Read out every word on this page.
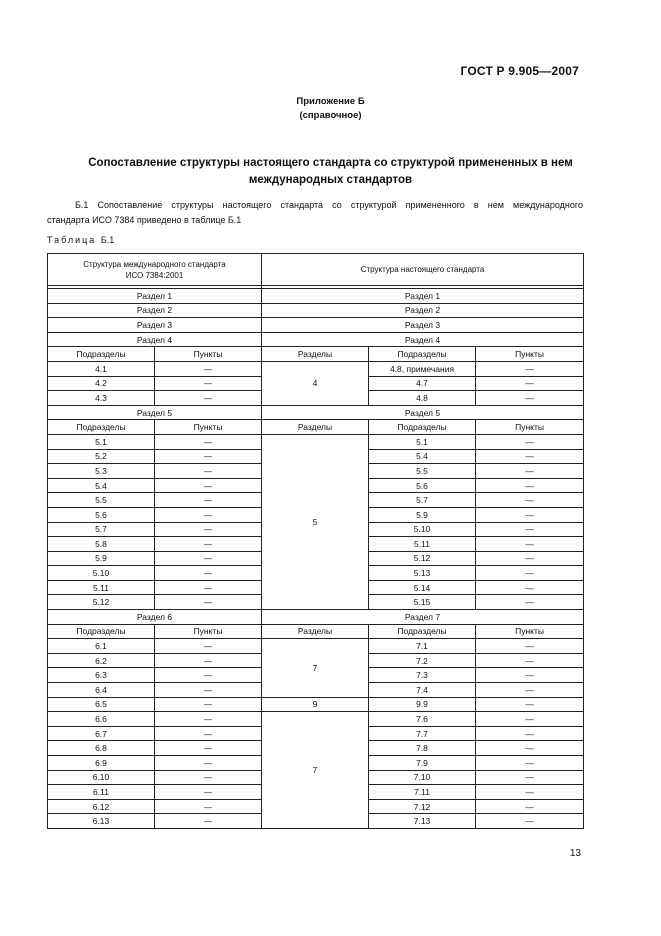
ГОСТ Р 9.905—2007
Приложение Б
(справочное)
Сопоставление структуры настоящего стандарта со структурой примененных в нем
международных стандартов
Б.1 Сопоставление структуры настоящего стандарта со структурой примененного в нем международного
стандарта ИСО 7384 приведено в таблице Б.1
Таблица Б.1
Структура международного стандарта
ИСО 7384:2001		Структура настоящего стандарта		

Раздел 1		Раздел 1		
Раздел 2		Раздел 2		
Раздел 3		Раздел 3		
Раздел 4		Раздел 4		
Подразделы	Пункты	Разделы	Подразделы	Пункты
4.1	—	4	4.8, примечания	—
4.2	—		4.7	—
4.3	—		4.8	—
Раздел 5		Раздел 5		
Подразделы	Пункты	Разделы	Подразделы	Пункты
5.1	—	5	5.1	—
5.2	—		5.4	—
5.3	—		5.5	—
5.4	—		5.6	—
5.5	—		5.7	—
5.6	—		5.9	—
5.7	—		5.10	—
5.8	—		5.11	—
5.9	—		5.12	—
5.10	—		5.13	—
5.11	—		5.14	—
5.12	—		5.15	—
Раздел 6		Раздел 7		
Подразделы	Пункты	Разделы	Подразделы	Пункты
6.1	—	7	7.1	—
6.2	—		7.2	—
6.3	—		7.3	—
6.4	—		7.4	—
6.5	—	9	9.9	—
6.6	—	7	7.6	—
6.7	—		7.7	—
6.8	—		7.8	—
6.9	—		7.9	—
6.10	—		7.10	—
6.11	—		7.11	—
6.12	—		7.12	—
6.13	—		7.13	—
13
